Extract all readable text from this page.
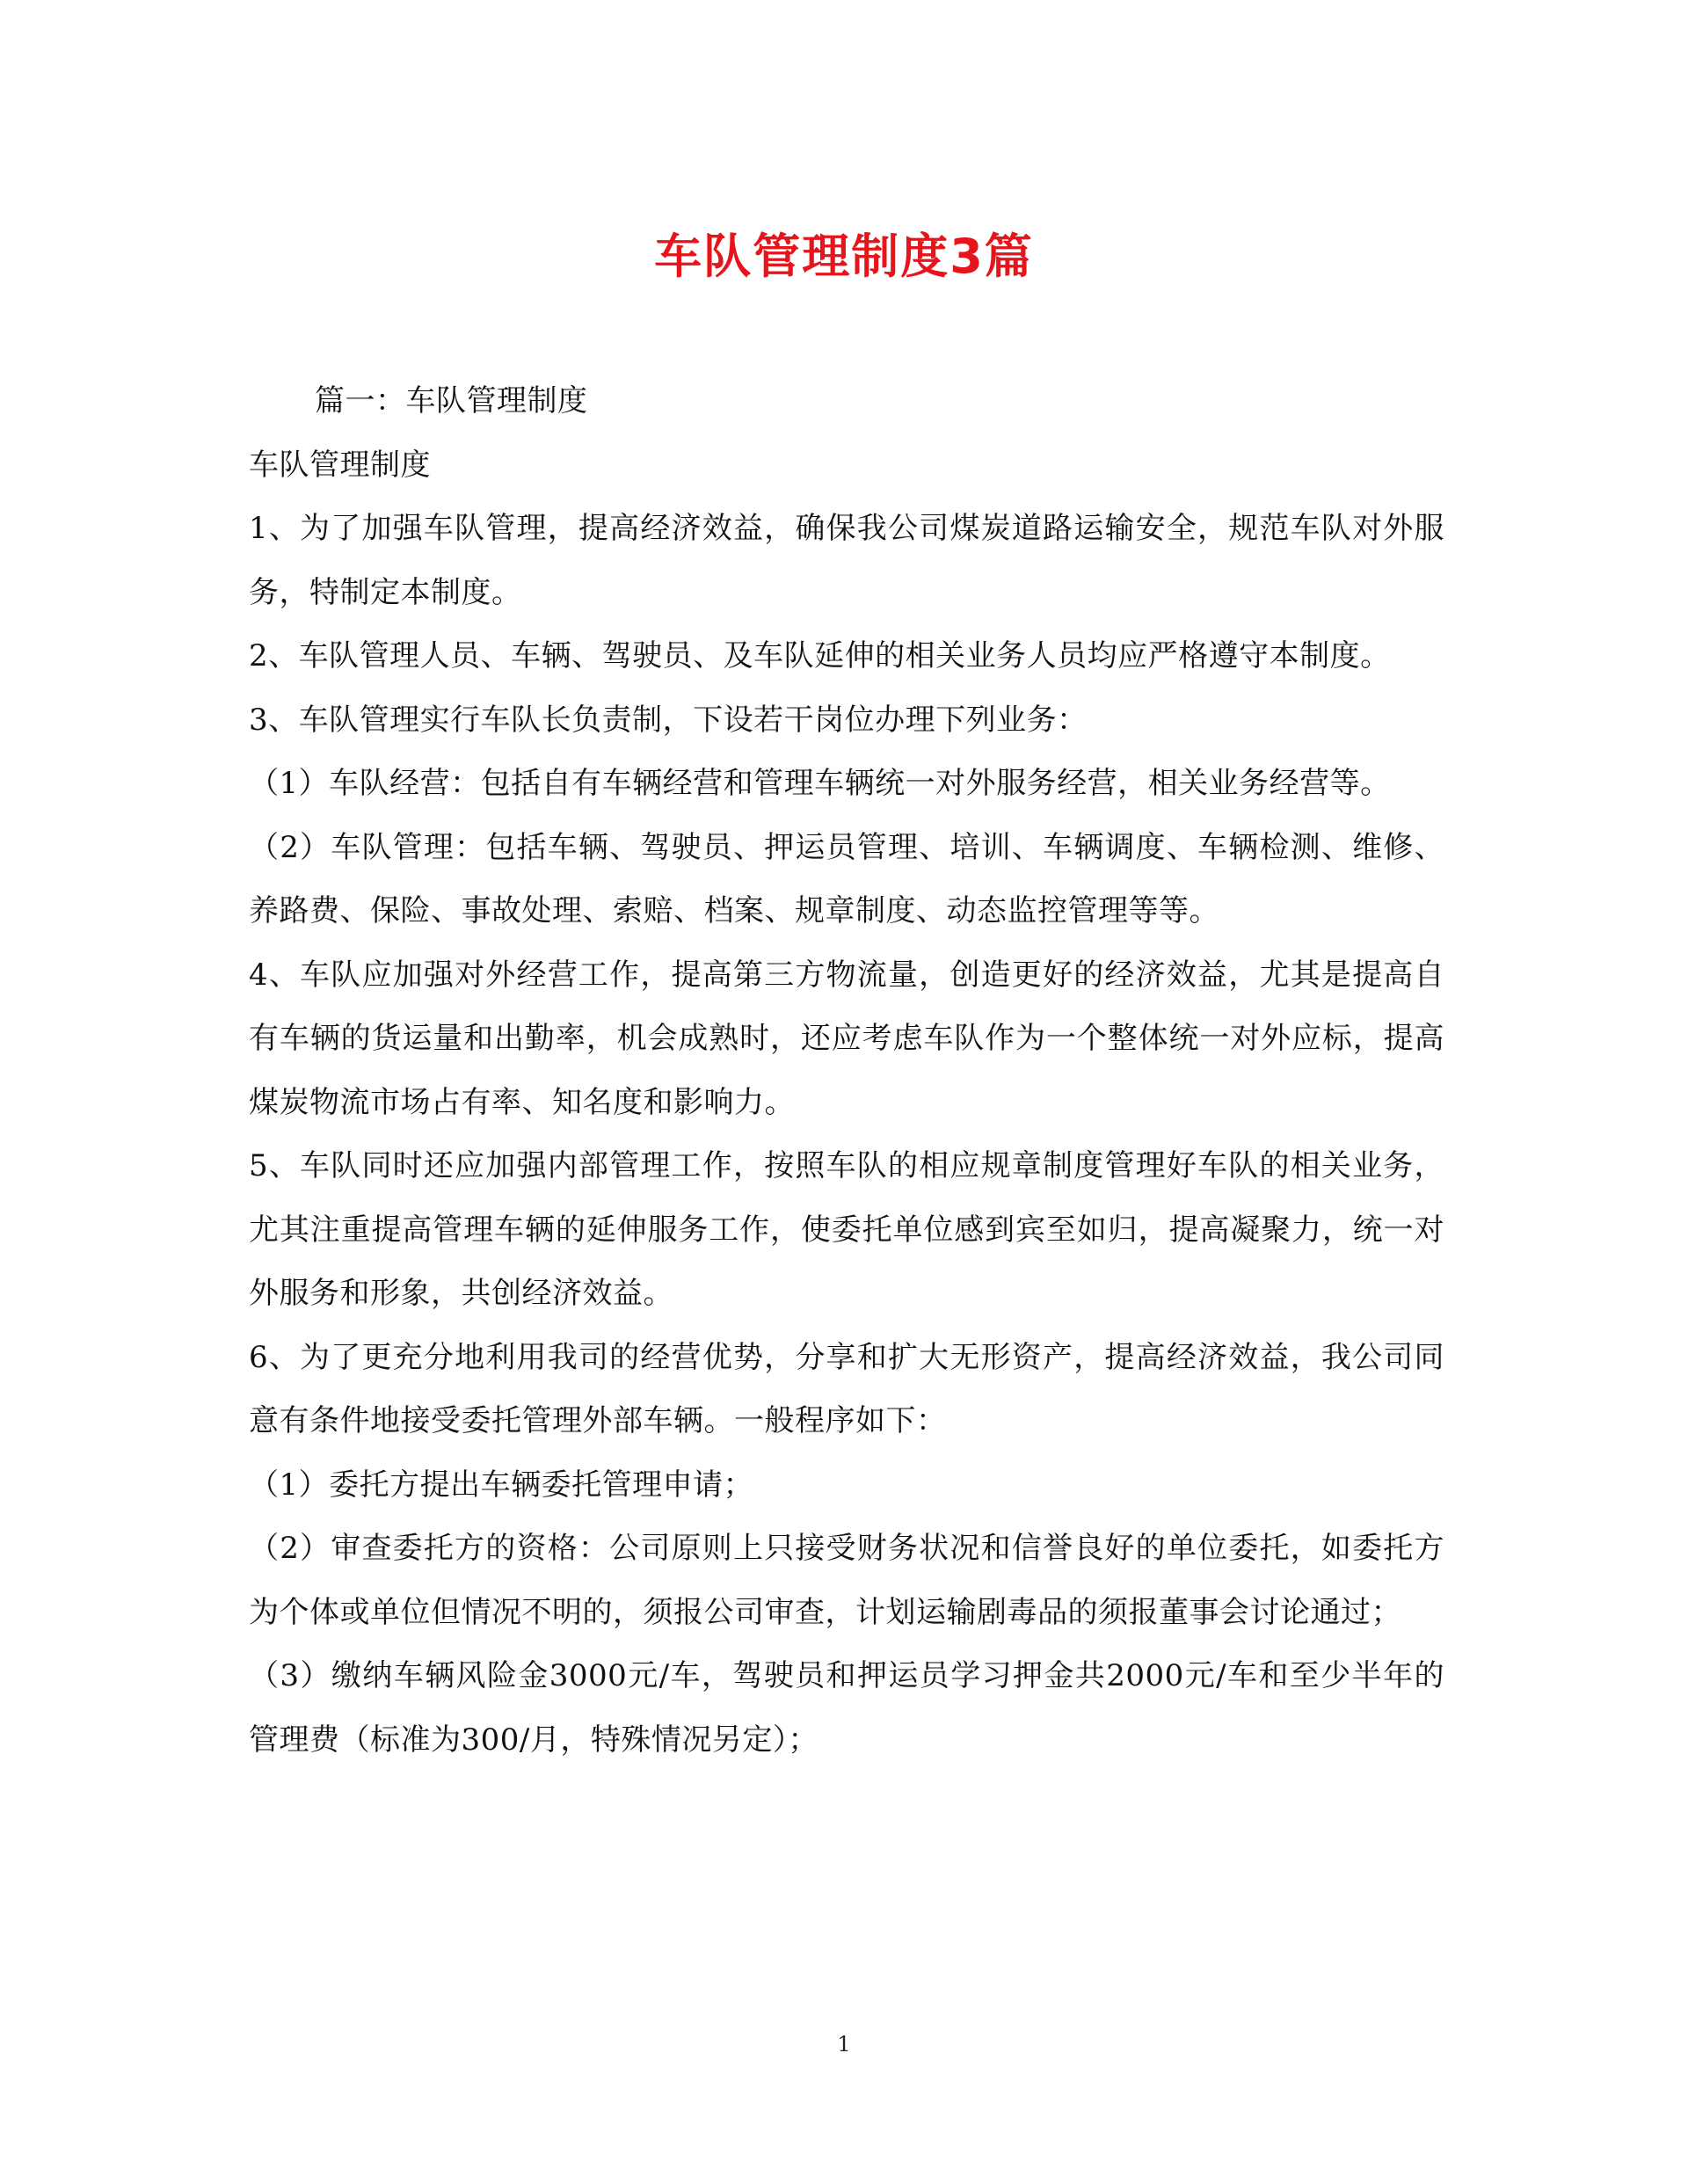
车队管理制度3篇

篇一：车队管理制度

车队管理制度

1、为了加强车队管理，提高经济效益，确保我公司煤炭道路运输安全，规范车队对外服务，特制定本制度。

2、车队管理人员、车辆、驾驶员、及车队延伸的相关业务人员均应严格遵守本制度。

3、车队管理实行车队长负责制，下设若干岗位办理下列业务：

（1）车队经营：包括自有车辆经营和管理车辆统一对外服务经营，相关业务经营等。

（2）车队管理：包括车辆、驾驶员、押运员管理、培训、车辆调度、车辆检测、维修、养路费、保险、事故处理、索赔、档案、规章制度、动态监控管理等等。

4、车队应加强对外经营工作，提高第三方物流量，创造更好的经济效益，尤其是提高自有车辆的货运量和出勤率，机会成熟时，还应考虑车队作为一个整体统一对外应标，提高煤炭物流市场占有率、知名度和影响力。

5、车队同时还应加强内部管理工作，按照车队的相应规章制度管理好车队的相关业务，尤其注重提高管理车辆的延伸服务工作，使委托单位感到宾至如归，提高凝聚力，统一对外服务和形象，共创经济效益。

6、为了更充分地利用我司的经营优势，分享和扩大无形资产，提高经济效益，我公司同意有条件地接受委托管理外部车辆。一般程序如下：

（1）委托方提出车辆委托管理申请；

（2）审查委托方的资格：公司原则上只接受财务状况和信誉良好的单位委托，如委托方为个体或单位但情况不明的，须报公司审查，计划运输剧毒品的须报董事会讨论通过；

（3）缴纳车辆风险金3000元/车，驾驶员和押运员学习押金共2000元/车和至少半年的管理费（标准为300/月，特殊情况另定）；

1
